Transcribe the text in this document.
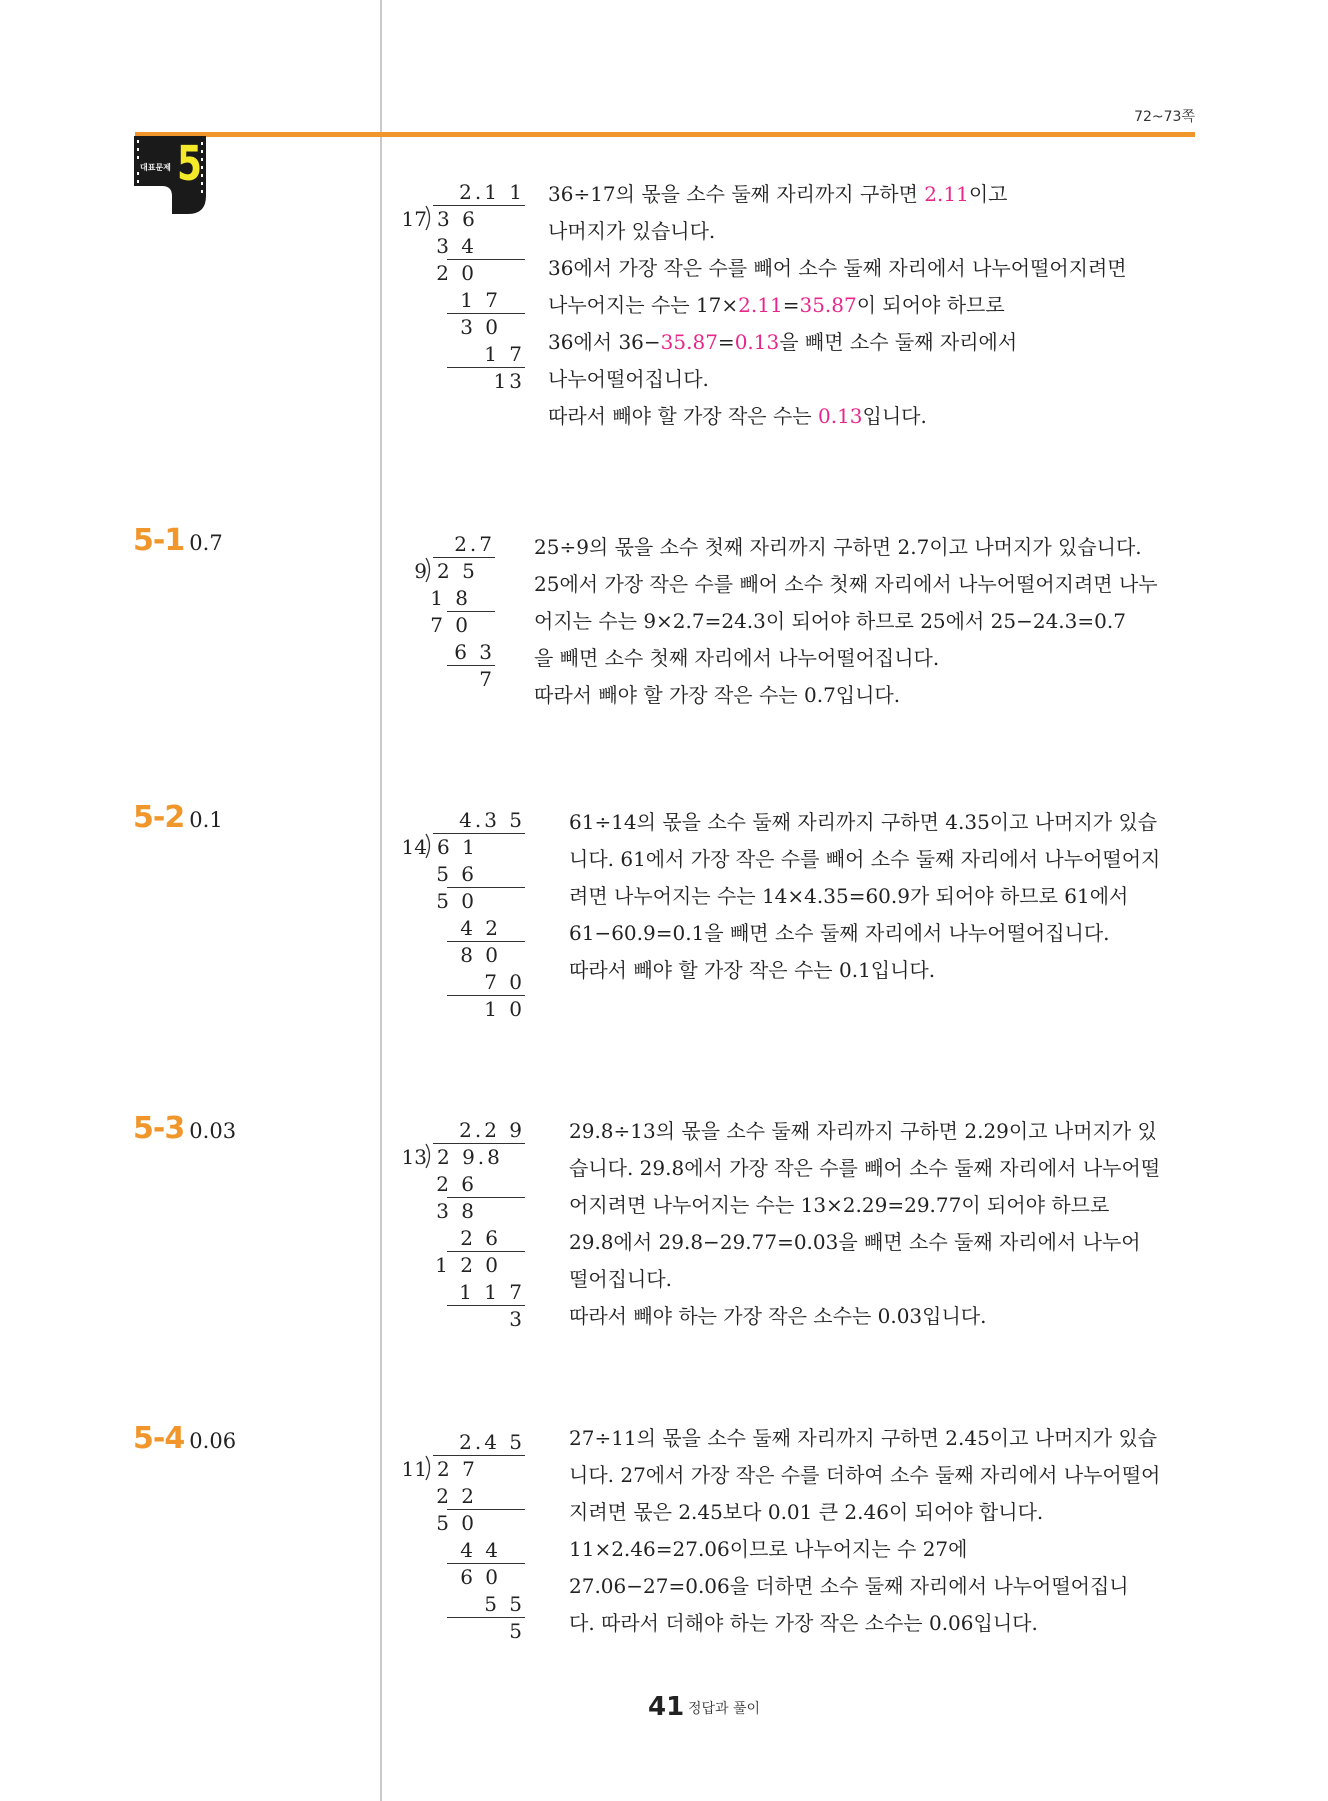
72~73쪽
대표문제 5	2.1 1
17 3 6
3 4
2 0
1 7
3 0
1 7
13
36÷17의 몫을 소수 둘째 자리까지 구하면 2.11이고
나머지가 있습니다.
36에서 가장 작은 수를 빼어 소수 둘째 자리에서 나누어떨어지려면
나누어지는 수는 17×2.11=35.87이 되어야 하므로
36에서 36−35.87=0.13을 빼면 소수 둘째 자리에서
나누어떨어집니다.
따라서 빼야 할 가장 작은 수는 0.13입니다.
5-1 0.7
5-2 0.1
5-3 0.03
5-4 0.06
2.7
9 2 5
1 8
7 0
6 3
7
4.3 5
14 6 1
5 6
5 0
4 2
8 0
7 0
1 0
2.2 9
13 2 9.8
2 6
3 8
2 6
1 2 0
1 1 7
3
2.4 5
11 2 7
2 2
5 0
4 4
6 0
5 5
5
25÷9의 몫을 소수 첫째 자리까지 구하면 2.7이고 나머지가 있습니다.
25에서 가장 작은 수를 빼어 소수 첫째 자리에서 나누어떨어지려면 나누
어지는 수는 9×2.7=24.3이 되어야 하므로 25에서 25−24.3=0.7
을 빼면 소수 첫째 자리에서 나누어떨어집니다.
따라서 빼야 할 가장 작은 수는 0.7입니다.
61÷14의 몫을 소수 둘째 자리까지 구하면 4.35이고 나머지가 있습
니다. 61에서 가장 작은 수를 빼어 소수 둘째 자리에서 나누어떨어지
려면 나누어지는 수는 14×4.35=60.9가 되어야 하므로 61에서
61−60.9=0.1을 빼면 소수 둘째 자리에서 나누어떨어집니다.
따라서 빼야 할 가장 작은 수는 0.1입니다.
29.8÷13의 몫을 소수 둘째 자리까지 구하면 2.29이고 나머지가 있
습니다. 29.8에서 가장 작은 수를 빼어 소수 둘째 자리에서 나누어떨
어지려면 나누어지는 수는 13×2.29=29.77이 되어야 하므로
29.8에서 29.8−29.77=0.03을 빼면 소수 둘째 자리에서 나누어
떨어집니다.
따라서 빼야 하는 가장 작은 소수는 0.03입니다.
27÷11의 몫을 소수 둘째 자리까지 구하면 2.45이고 나머지가 있습
니다. 27에서 가장 작은 수를 더하여 소수 둘째 자리에서 나누어떨어
지려면 몫은 2.45보다 0.01 큰 2.46이 되어야 합니다.
11×2.46=27.06이므로 나누어지는 수 27에
27.06−27=0.06을 더하면 소수 둘째 자리에서 나누어떨어집니
다. 따라서 더해야 하는 가장 작은 소수는 0.06입니다.
41 정답과 풀이
